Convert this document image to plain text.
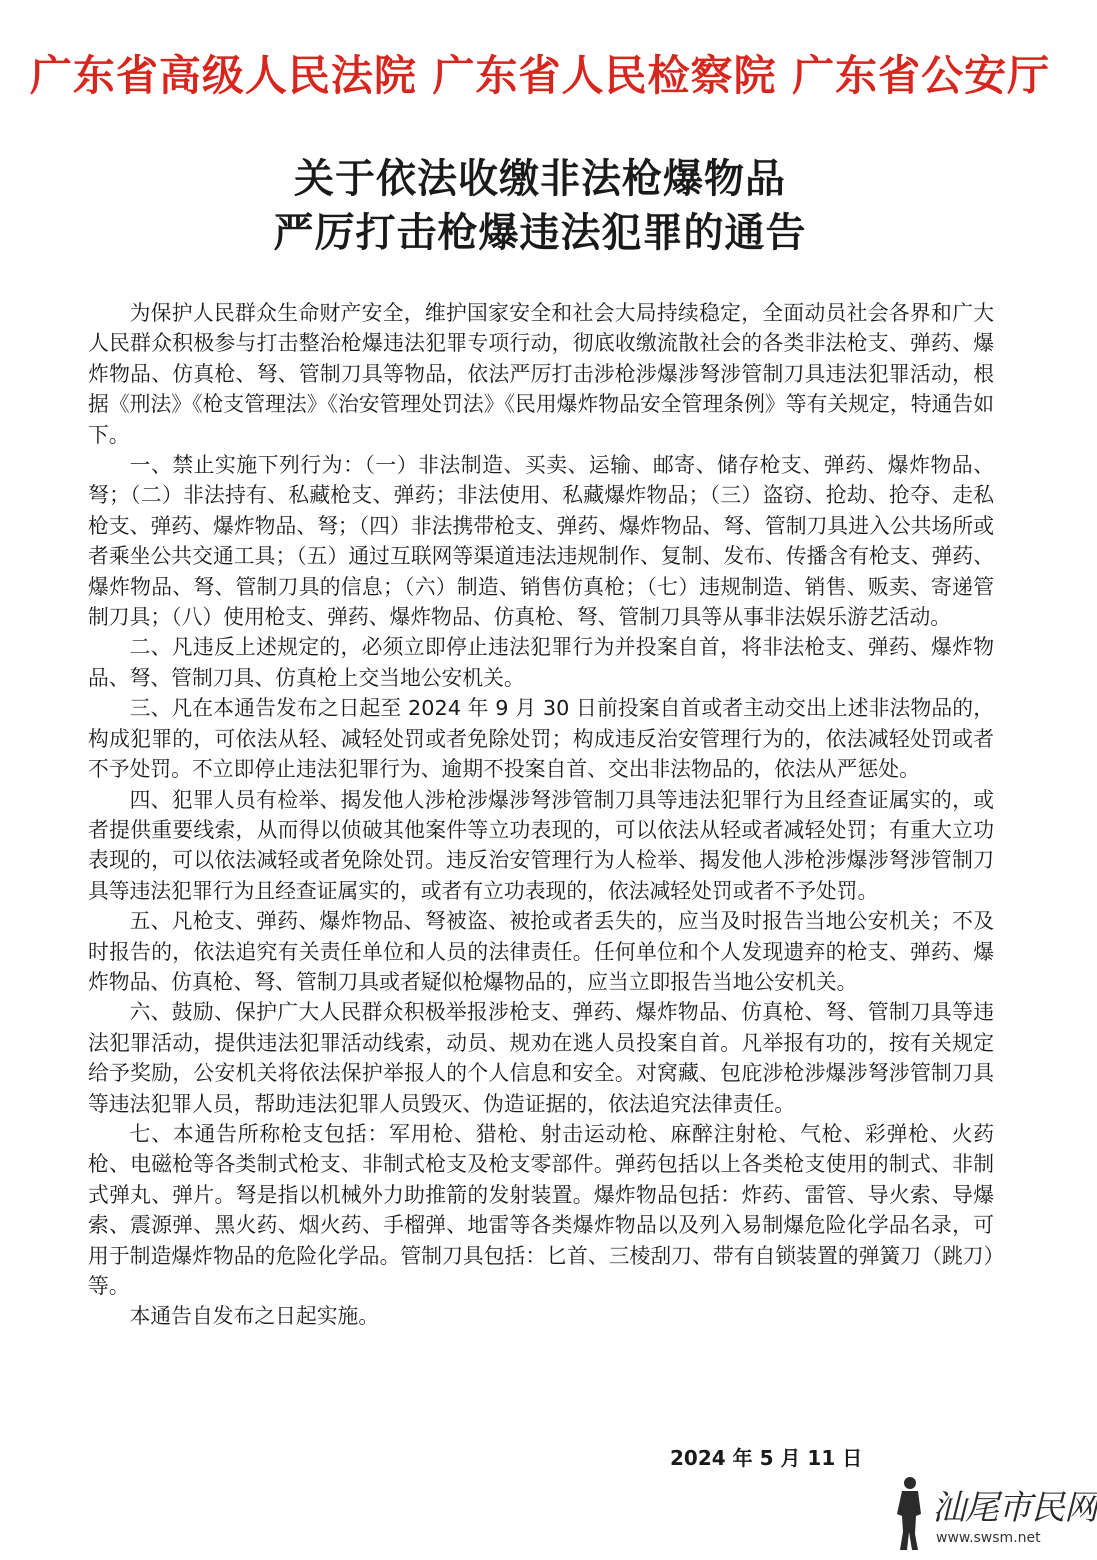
广东省高级人民法院 广东省人民检察院 广东省公安厅
关于依法收缴非法枪爆物品
严厉打击枪爆违法犯罪的通告

为保护人民群众生命财产安全，维护国家安全和社会大局持续稳定，全面动员社会各界和广大人民群众积极参与打击整治枪爆违法犯罪专项行动，彻底收缴流散社会的各类非法枪支、弹药、爆炸物品、仿真枪、弩、管制刀具等物品，依法严厉打击涉枪涉爆涉弩涉管制刀具违法犯罪活动，根据《刑法》《枪支管理法》《治安管理处罚法》《民用爆炸物品安全管理条例》等有关规定，特通告如下。

一、禁止实施下列行为：（一）非法制造、买卖、运输、邮寄、储存枪支、弹药、爆炸物品、弩；（二）非法持有、私藏枪支、弹药；非法使用、私藏爆炸物品；（三）盗窃、抢劫、抢夺、走私枪支、弹药、爆炸物品、弩；（四）非法携带枪支、弹药、爆炸物品、弩、管制刀具进入公共场所或者乘坐公共交通工具；（五）通过互联网等渠道违法违规制作、复制、发布、传播含有枪支、弹药、爆炸物品、弩、管制刀具的信息；（六）制造、销售仿真枪；（七）违规制造、销售、贩卖、寄递管制刀具；（八）使用枪支、弹药、爆炸物品、仿真枪、弩、管制刀具等从事非法娱乐游艺活动。

二、凡违反上述规定的，必须立即停止违法犯罪行为并投案自首，将非法枪支、弹药、爆炸物品、弩、管制刀具、仿真枪上交当地公安机关。

三、凡在本通告发布之日起至 2024 年 9 月 30 日前投案自首或者主动交出上述非法物品的，构成犯罪的，可依法从轻、减轻处罚或者免除处罚；构成违反治安管理行为的，依法减轻处罚或者不予处罚。不立即停止违法犯罪行为、逾期不投案自首、交出非法物品的，依法从严惩处。

四、犯罪人员有检举、揭发他人涉枪涉爆涉弩涉管制刀具等违法犯罪行为且经查证属实的，或者提供重要线索，从而得以侦破其他案件等立功表现的，可以依法从轻或者减轻处罚；有重大立功表现的，可以依法减轻或者免除处罚。违反治安管理行为人检举、揭发他人涉枪涉爆涉弩涉管制刀具等违法犯罪行为且经查证属实的，或者有立功表现的，依法减轻处罚或者不予处罚。

五、凡枪支、弹药、爆炸物品、弩被盗、被抢或者丢失的，应当及时报告当地公安机关；不及时报告的，依法追究有关责任单位和人员的法律责任。任何单位和个人发现遗弃的枪支、弹药、爆炸物品、仿真枪、弩、管制刀具或者疑似枪爆物品的，应当立即报告当地公安机关。

六、鼓励、保护广大人民群众积极举报涉枪支、弹药、爆炸物品、仿真枪、弩、管制刀具等违法犯罪活动，提供违法犯罪活动线索，动员、规劝在逃人员投案自首。凡举报有功的，按有关规定给予奖励，公安机关将依法保护举报人的个人信息和安全。对窝藏、包庇涉枪涉爆涉弩涉管制刀具等违法犯罪人员，帮助违法犯罪人员毁灭、伪造证据的，依法追究法律责任。

七、本通告所称枪支包括：军用枪、猎枪、射击运动枪、麻醉注射枪、气枪、彩弹枪、火药枪、电磁枪等各类制式枪支、非制式枪支及枪支零部件。弹药包括以上各类枪支使用的制式、非制式弹丸、弹片。弩是指以机械外力助推箭的发射装置。爆炸物品包括：炸药、雷管、导火索、导爆索、震源弹、黑火药、烟火药、手榴弹、地雷等各类爆炸物品以及列入易制爆危险化学品名录，可用于制造爆炸物品的危险化学品。管制刀具包括：匕首、三棱刮刀、带有自锁装置的弹簧刀（跳刀）等。

本通告自发布之日起实施。

2024 年 5 月 11 日
汕尾市民网
www.swsm.net
